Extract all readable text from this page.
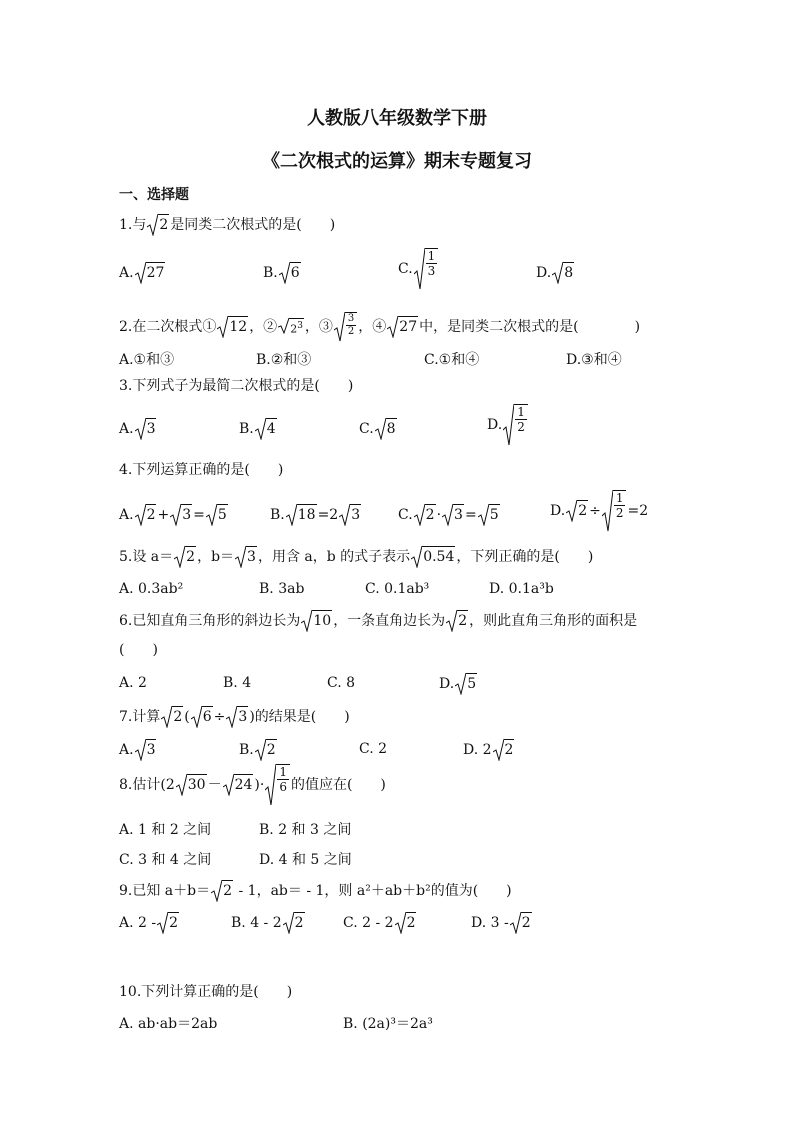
人教版八年级数学下册
《二次根式的运算》期末专题复习
一、选择题
1.与 2 是同类二次根式的是(　　)
A. 27	B. 6	C. $\frac{1}{3}$	D. 8
2.在二次根式① 12 ，② $2^3$ ，③ $\frac{3}{2}$ ，④ 27 中，是同类二次根式的是(　　　　)
A.①和③	B.②和③	C.①和④	D.③和④
3.下列式子为最简二次根式的是(　　)
A. 3	B. 4	C. 8	D. $\frac{1}{2}$
4.下列运算正确的是(　　)
A. 2 + 3 = 5	B. 18 =2 3	C. 2 · 3 = 5	D. $2 \div \frac{1}{2} =2$
5.设 a＝ 2 ，b＝ 3 ，用含 a，b 的式子表示 0.54 ，下列正确的是(　　)
A. 0.3ab²	B. 3ab	C. 0.1ab³	D. 0.1a³b
6.已知直角三角形的斜边长为 10 ，一条直角边长为 2 ，则此直角三角形的面积是
(　　)
A. 2	B. 4	C. 8	D. 5
7.计算 2 ( 6 ÷ 3 )的结果是(　　)
A. 3	B. 2	C. 2	D. 2 2
8.估计(2 30 － 24 )· $\frac{1}{6}$ 的值应在(　　)
A. 1 和 2 之间	B. 2 和 3 之间
C. 3 和 4 之间	D. 4 和 5 之间
9.已知 a＋b＝ 2 - 1，ab＝ - 1，则 a²＋ab＋b²的值为(　　)
A. 2 - 2	B. 4 - 2 2	C. 2 - 2 2	D. 3 - 2
10.下列计算正确的是(　　)
A. ab·ab＝2ab	B. (2a)³＝2a³
